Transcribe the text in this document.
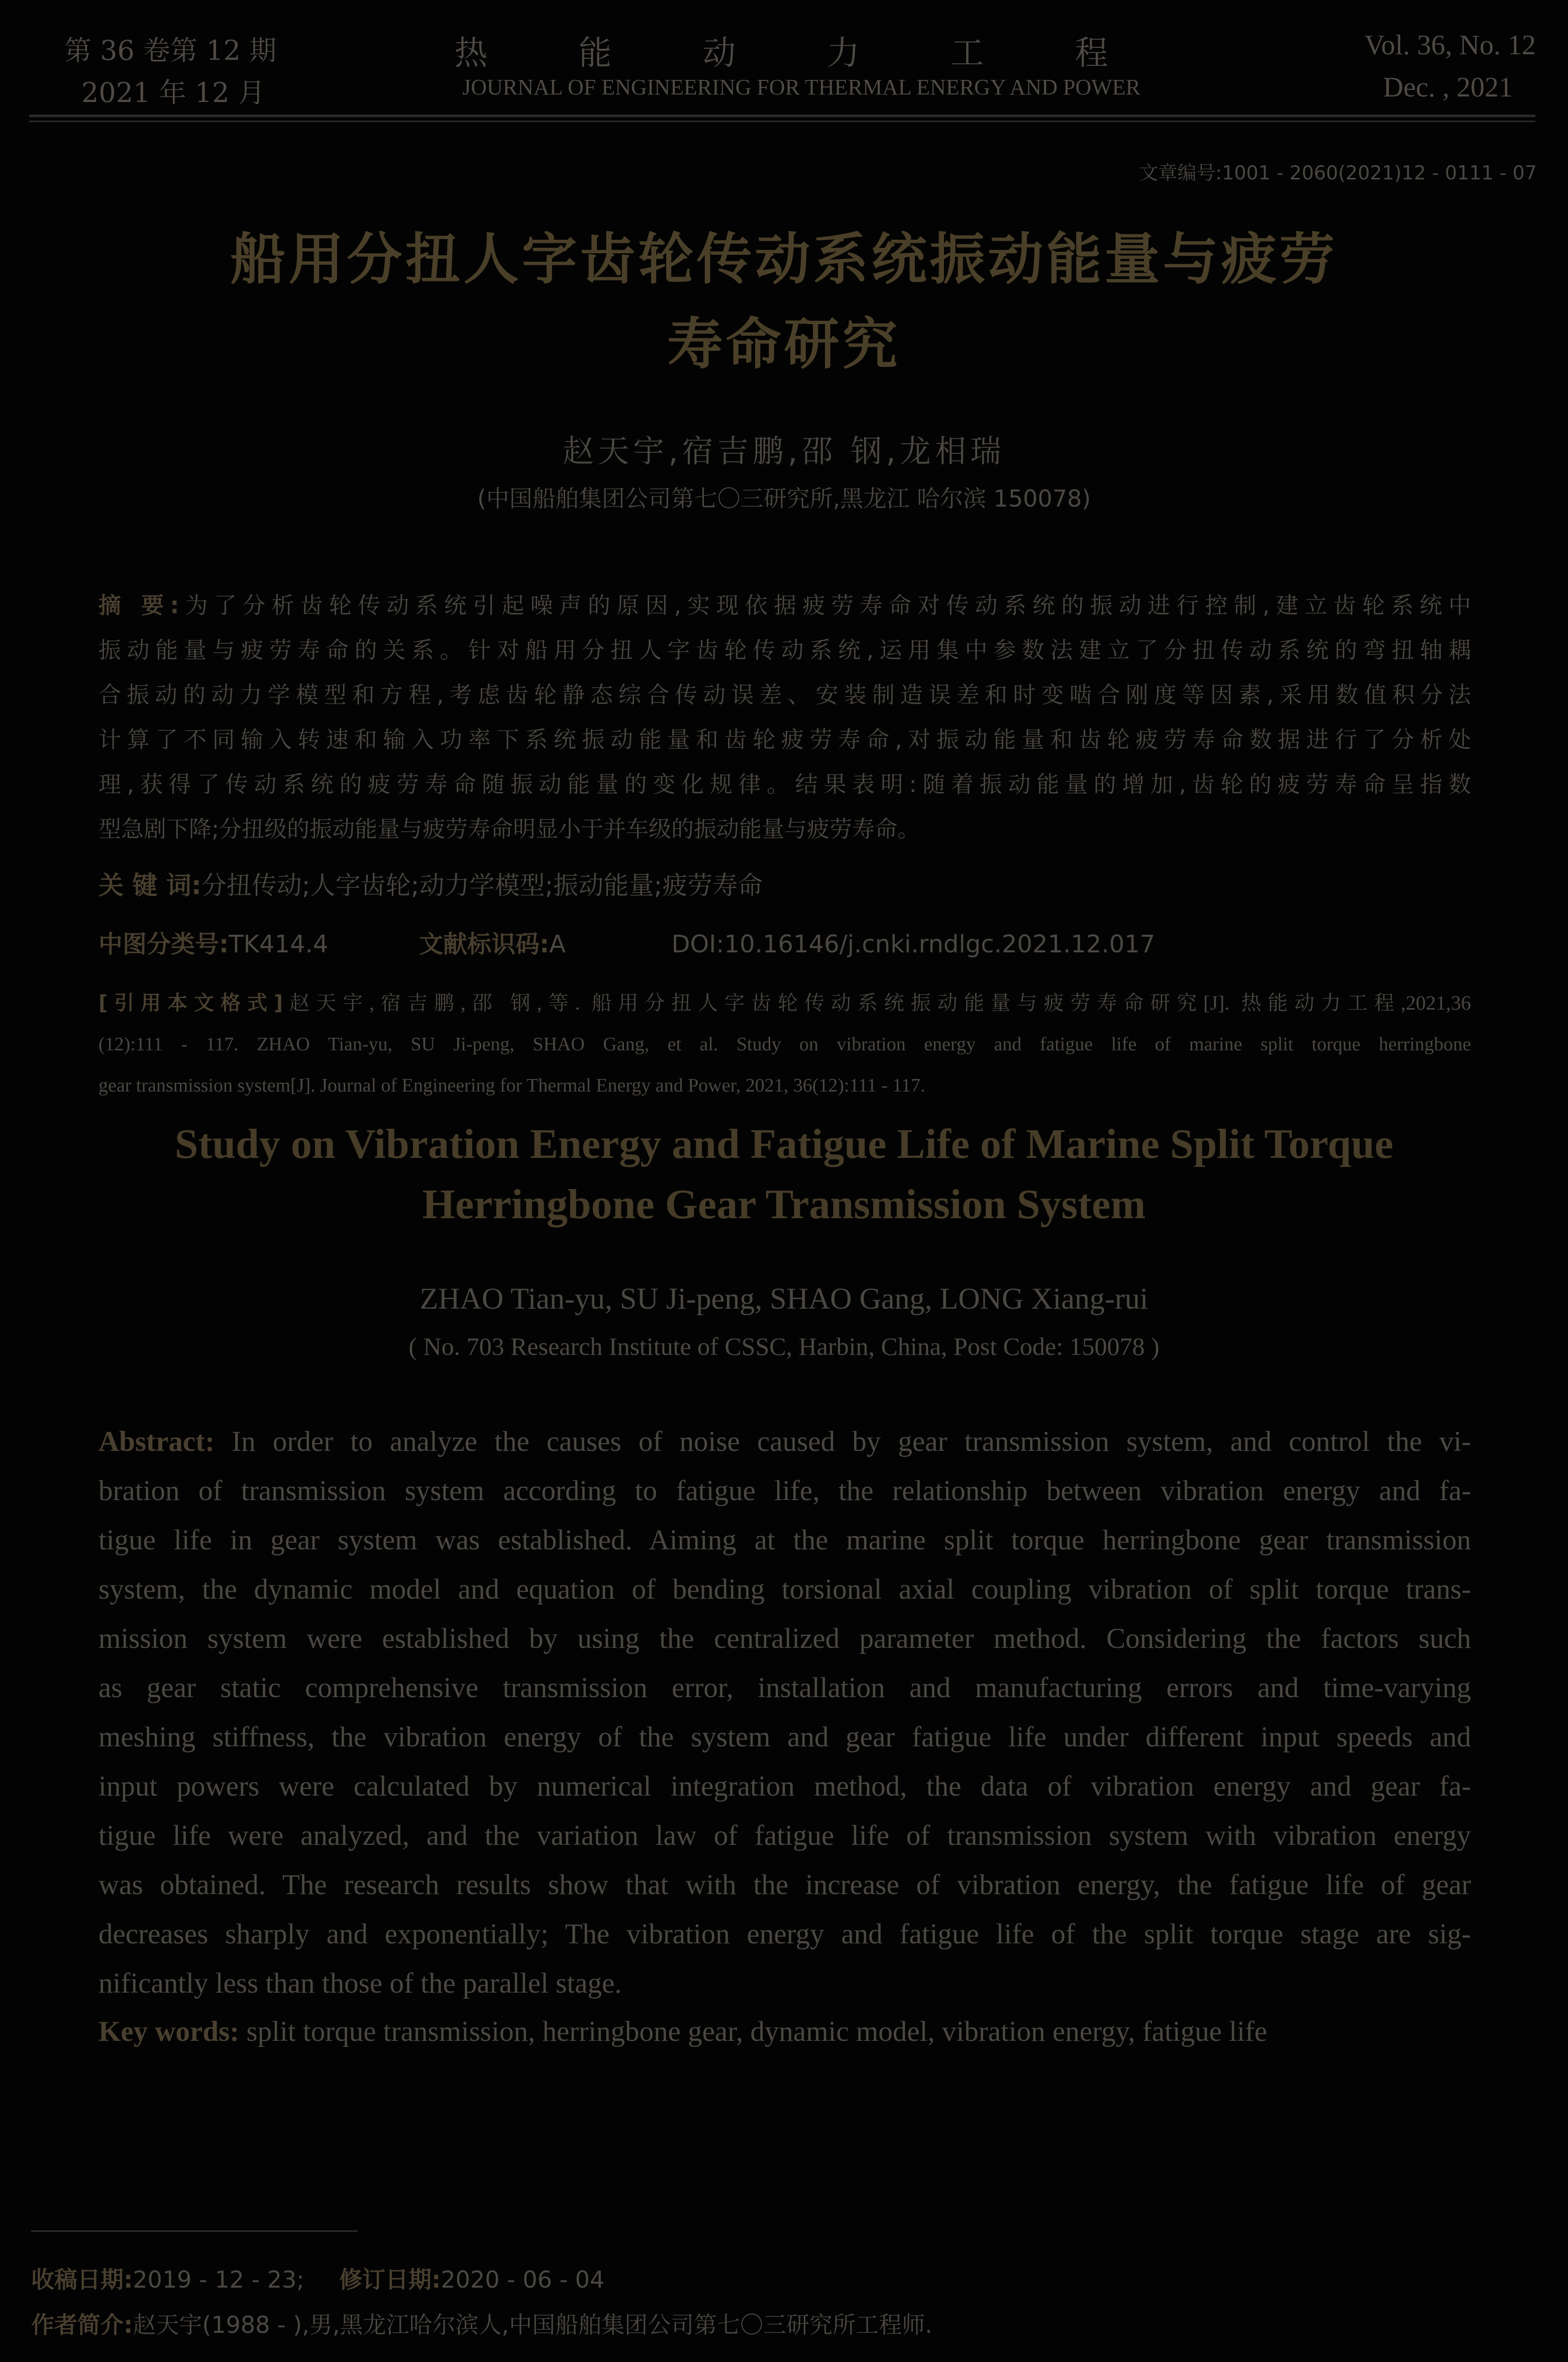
第 36 卷第 12 期
2021 年 12 月
热 能 动 力 工 程
JOURNAL OF ENGINEERING FOR THERMAL ENERGY AND POWER
Vol. 36, No. 12
Dec. , 2021
文章编号:1001 - 2060(2021)12 - 0111 - 07
船用分扭人字齿轮传动系统振动能量与疲劳
寿命研究
赵天宇,宿吉鹏,邵 钢,龙相瑞
(中国船舶集团公司第七〇三研究所,黑龙江 哈尔滨 150078)
摘 要:为了分析齿轮传动系统引起噪声的原因,实现依据疲劳寿命对传动系统的振动进行控制,建立齿轮系统中
振动能量与疲劳寿命的关系。针对船用分扭人字齿轮传动系统,运用集中参数法建立了分扭传动系统的弯扭轴耦
合振动的动力学模型和方程,考虑齿轮静态综合传动误差、安装制造误差和时变啮合刚度等因素,采用数值积分法
计算了不同输入转速和输入功率下系统振动能量和齿轮疲劳寿命,对振动能量和齿轮疲劳寿命数据进行了分析处
理,获得了传动系统的疲劳寿命随振动能量的变化规律。结果表明:随着振动能量的增加,齿轮的疲劳寿命呈指数
型急剧下降;分扭级的振动能量与疲劳寿命明显小于并车级的振动能量与疲劳寿命。
关 键 词:分扭传动;人字齿轮;动力学模型;振动能量;疲劳寿命
中图分类号:TK414.4	文献标识码:A	DOI:10.16146/j.cnki.rndlgc.2021.12.017
[引用本文格式]赵天宇,宿吉鹏,邵 钢,等. 船用分扭人字齿轮传动系统振动能量与疲劳寿命研究[J]. 热能动力工程,2021,36
(12):111 - 117. ZHAO Tian-yu, SU Ji-peng, SHAO Gang, et al. Study on vibration energy and fatigue life of marine split torque herringbone
gear transmission system[J]. Journal of Engineering for Thermal Energy and Power, 2021, 36(12):111 - 117.
Study on Vibration Energy and Fatigue Life of Marine Split Torque
Herringbone Gear Transmission System
ZHAO Tian-yu, SU Ji-peng, SHAO Gang, LONG Xiang-rui
( No. 703 Research Institute of CSSC, Harbin, China, Post Code: 150078 )
Abstract: In order to analyze the causes of noise caused by gear transmission system, and control the vi-
bration of transmission system according to fatigue life, the relationship between vibration energy and fa-
tigue life in gear system was established. Aiming at the marine split torque herringbone gear transmission
system, the dynamic model and equation of bending torsional axial coupling vibration of split torque trans-
mission system were established by using the centralized parameter method. Considering the factors such
as gear static comprehensive transmission error, installation and manufacturing errors and time-varying
meshing stiffness, the vibration energy of the system and gear fatigue life under different input speeds and
input powers were calculated by numerical integration method, the data of vibration energy and gear fa-
tigue life were analyzed, and the variation law of fatigue life of transmission system with vibration energy
was obtained. The research results show that with the increase of vibration energy, the fatigue life of gear
decreases sharply and exponentially; The vibration energy and fatigue life of the split torque stage are sig-
nificantly less than those of the parallel stage.
Key words: split torque transmission, herringbone gear, dynamic model, vibration energy, fatigue life
收稿日期:2019 - 12 - 23; 修订日期:2020 - 06 - 04
作者简介:赵天宇(1988 - ),男,黑龙江哈尔滨人,中国船舶集团公司第七〇三研究所工程师.
